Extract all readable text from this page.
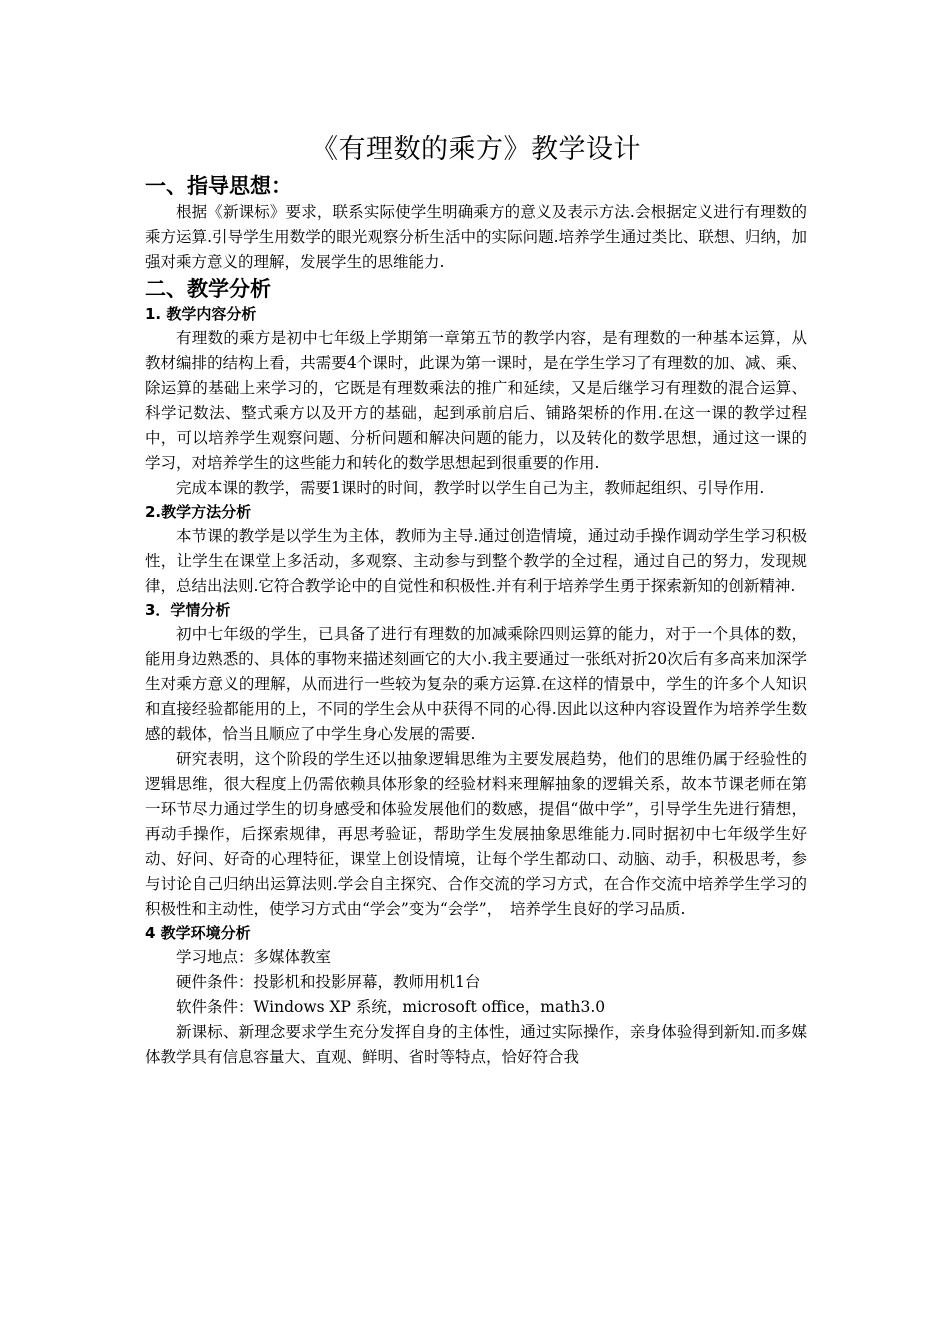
《有理数的乘方》教学设计
一、指导思想：

根据《新课标》要求，联系实际使学生明确乘方的意义及表示方法.会根据定义进行有理数的乘方运算.引导学生用数学的眼光观察分析生活中的实际问题.培养学生通过类比、联想、归纳，加强对乘方意义的理解，发展学生的思维能力.

二、教学分析
1. 教学内容分析

有理数的乘方是初中七年级上学期第一章第五节的教学内容，是有理数的一种基本运算，从教材编排的结构上看，共需要4个课时，此课为第一课时，是在学生学习了有理数的加、减、乘、除运算的基础上来学习的，它既是有理数乘法的推广和延续，又是后继学习有理数的混合运算、科学记数法、整式乘方以及开方的基础，起到承前启后、铺路架桥的作用.在这一课的教学过程中，可以培养学生观察问题、分析问题和解决问题的能力，以及转化的数学思想，通过这一课的学习，对培养学生的这些能力和转化的数学思想起到很重要的作用.

完成本课的教学，需要1课时的时间，教学时以学生自己为主，教师起组织、引导作用.

2.教学方法分析

本节课的教学是以学生为主体，教师为主导.通过创造情境，通过动手操作调动学生学习积极性，让学生在课堂上多活动，多观察、主动参与到整个教学的全过程，通过自己的努力，发现规律，总结出法则.它符合教学论中的自觉性和积极性.并有利于培养学生勇于探索新知的创新精神.

3．学情分析

初中七年级的学生，已具备了进行有理数的加减乘除四则运算的能力，对于一个具体的数，能用身边熟悉的、具体的事物来描述刻画它的大小.我主要通过一张纸对折20次后有多高来加深学生对乘方意义的理解，从而进行一些较为复杂的乘方运算.在这样的情景中，学生的许多个人知识和直接经验都能用的上，不同的学生会从中获得不同的心得.因此以这种内容设置作为培养学生数感的载体，恰当且顺应了中学生身心发展的需要.

研究表明，这个阶段的学生还以抽象逻辑思维为主要发展趋势，他们的思维仍属于经验性的逻辑思维，很大程度上仍需依赖具体形象的经验材料来理解抽象的逻辑关系，故本节课老师在第一环节尽力通过学生的切身感受和体验发展他们的数感，提倡“做中学”，引导学生先进行猜想，再动手操作，后探索规律，再思考验证，帮助学生发展抽象思维能力.同时据初中七年级学生好动、好问、好奇的心理特征，课堂上创设情境，让每个学生都动口、动脑、动手，积极思考，参与讨论自己归纳出运算法则.学会自主探究、合作交流的学习方式，在合作交流中培养学生学习的积极性和主动性，使学习方式由“学会”变为“会学”，　培养学生良好的学习品质.

4 教学环境分析

学习地点：多媒体教室

硬件条件：投影机和投影屏幕，教师用机1台

软件条件：Windows XP 系统，microsoft office，math3.0

新课标、新理念要求学生充分发挥自身的主体性，通过实际操作，亲身体验得到新知.而多媒体教学具有信息容量大、直观、鲜明、省时等特点，恰好符合我
